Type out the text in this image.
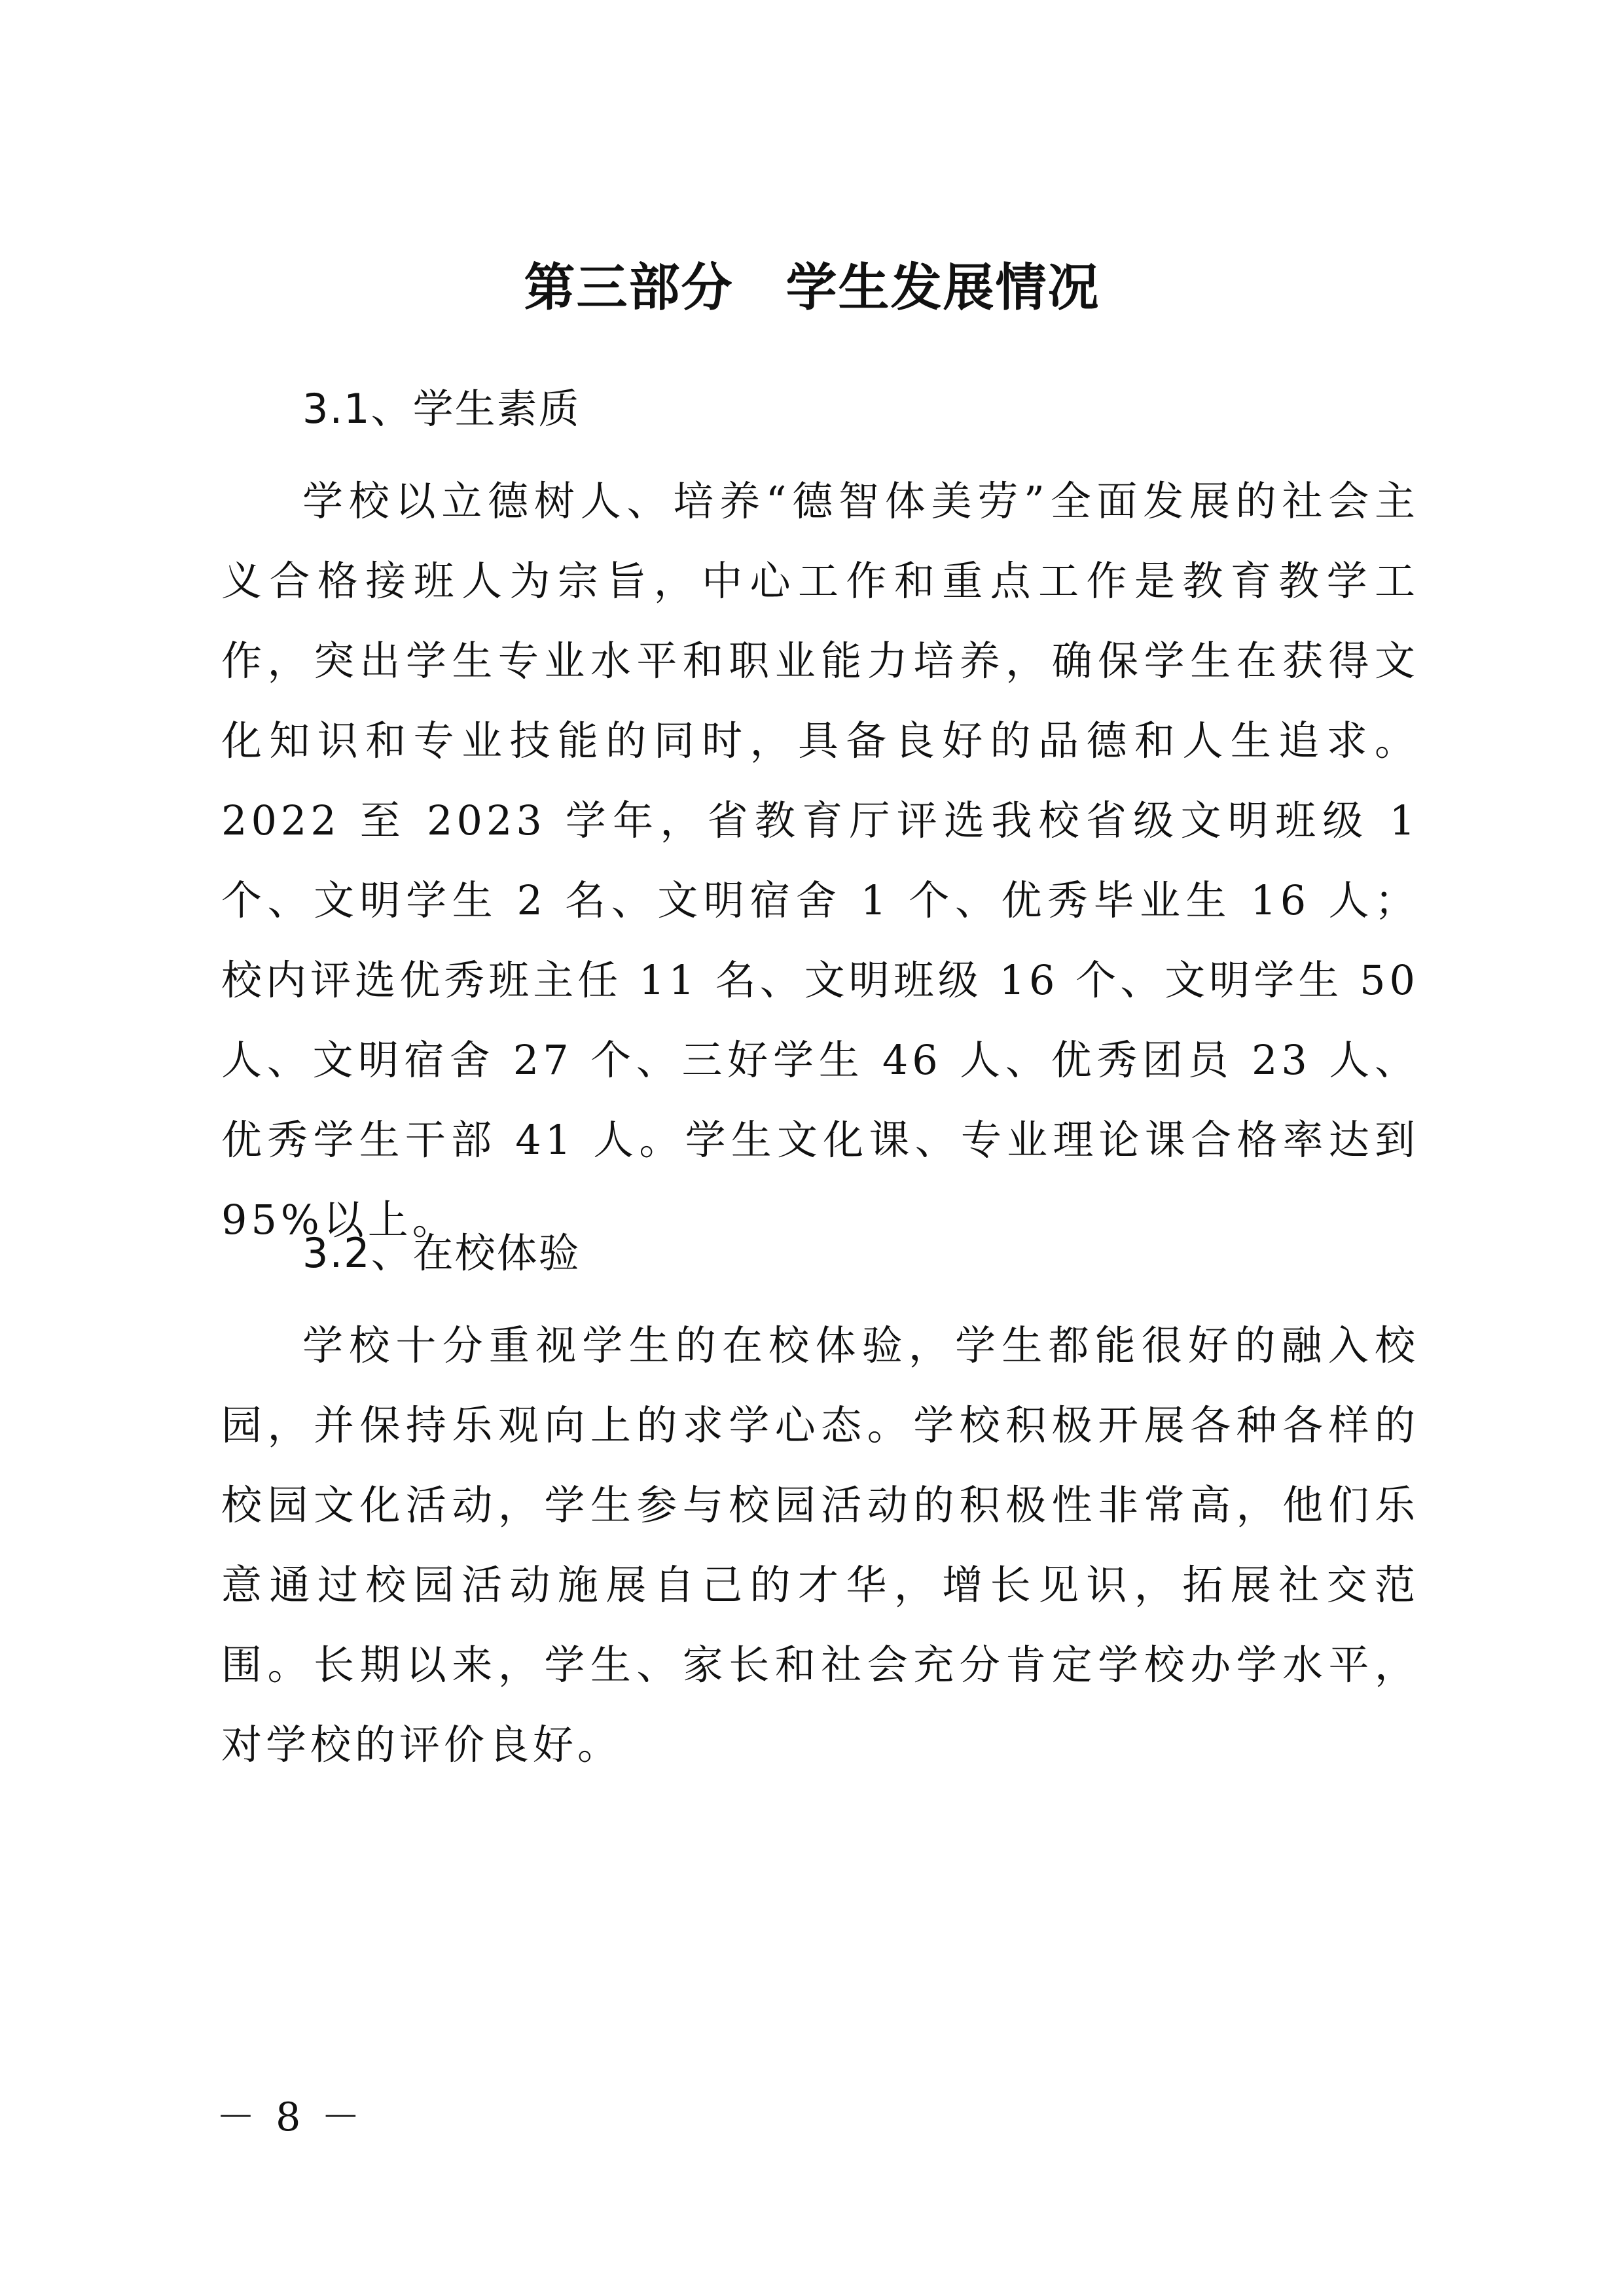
第三部分　学生发展情况
3.1、学生素质

学校以立德树人、培养“德智体美劳”全面发展的社会主义合格接班人为宗旨，中心工作和重点工作是教育教学工作，突出学生专业水平和职业能力培养，确保学生在获得文化知识和专业技能的同时，具备良好的品德和人生追求。2022 至 2023 学年，省教育厅评选我校省级文明班级 1 个、文明学生 2 名、文明宿舍 1 个、优秀毕业生 16 人；校内评选优秀班主任 11 名、文明班级 16 个、文明学生 50 人、文明宿舍 27 个、三好学生 46 人、优秀团员 23 人、优秀学生干部 41 人。学生文化课、专业理论课合格率达到 95%以上。

3.2、在校体验

学校十分重视学生的在校体验，学生都能很好的融入校园，并保持乐观向上的求学心态。学校积极开展各种各样的校园文化活动，学生参与校园活动的积极性非常高，他们乐意通过校园活动施展自己的才华，增长见识，拓展社交范围。长期以来，学生、家长和社会充分肯定学校办学水平，对学校的评价良好。

－ 8 －
